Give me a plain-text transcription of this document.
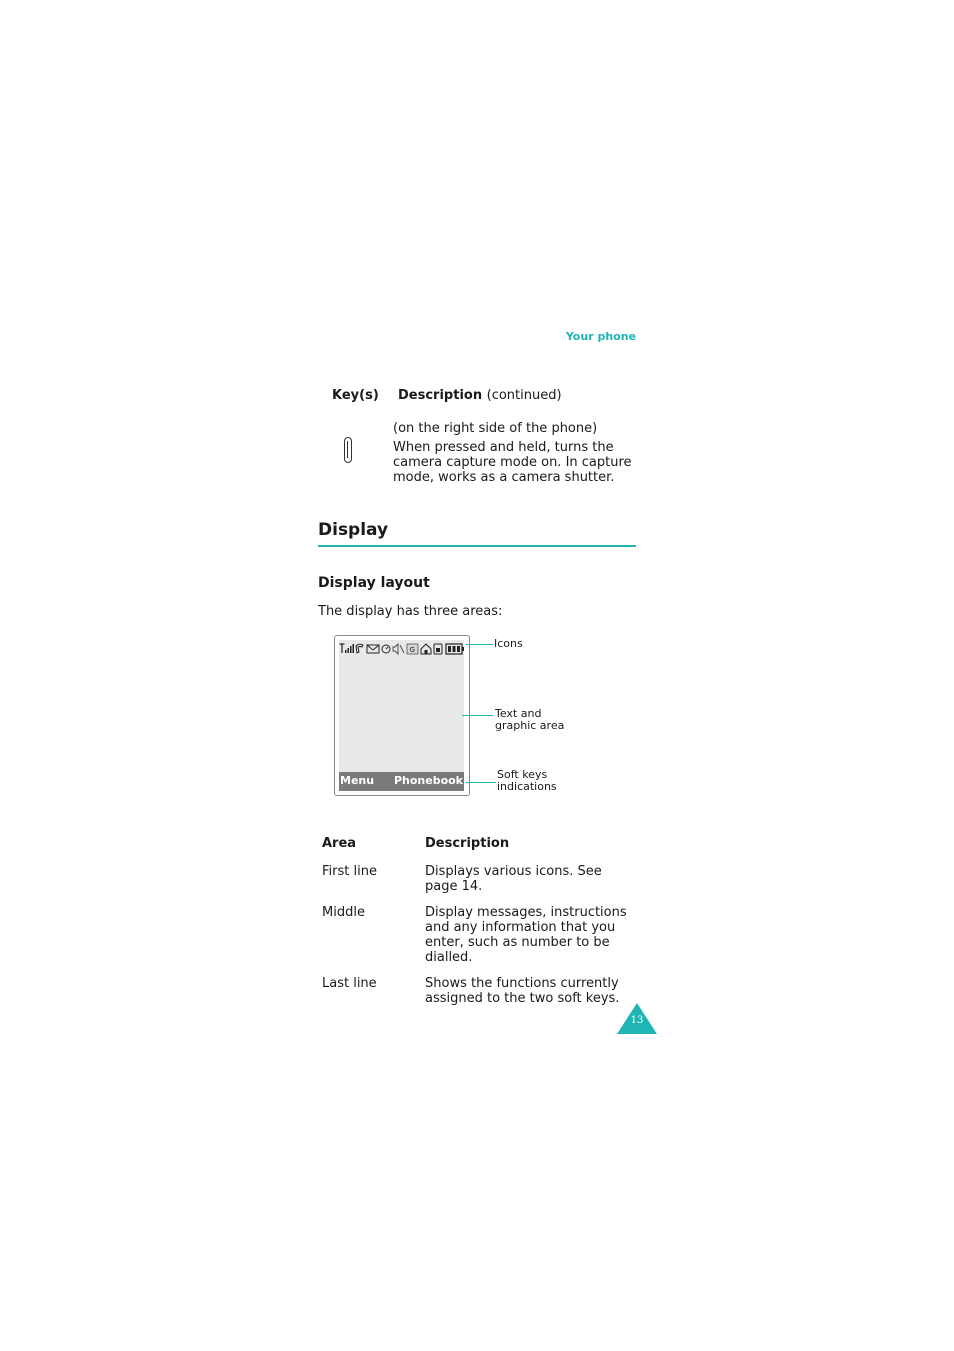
Your phone
Key(s) Description (continued)
(on the right side of the phone)
When pressed and held, turns the
camera capture mode on. In capture
mode, works as a camera shutter.
Display
Display layout
The display has three areas:
G
Menu Phonebook
Icons
Text and
graphic area
Soft keys
indications
Area	Description
First line	Displays various icons. See
page 14.
Middle	Display messages, instructions
and any information that you
enter, such as number to be
dialled.
Last line	Shows the functions currently
assigned to the two soft keys.
13
